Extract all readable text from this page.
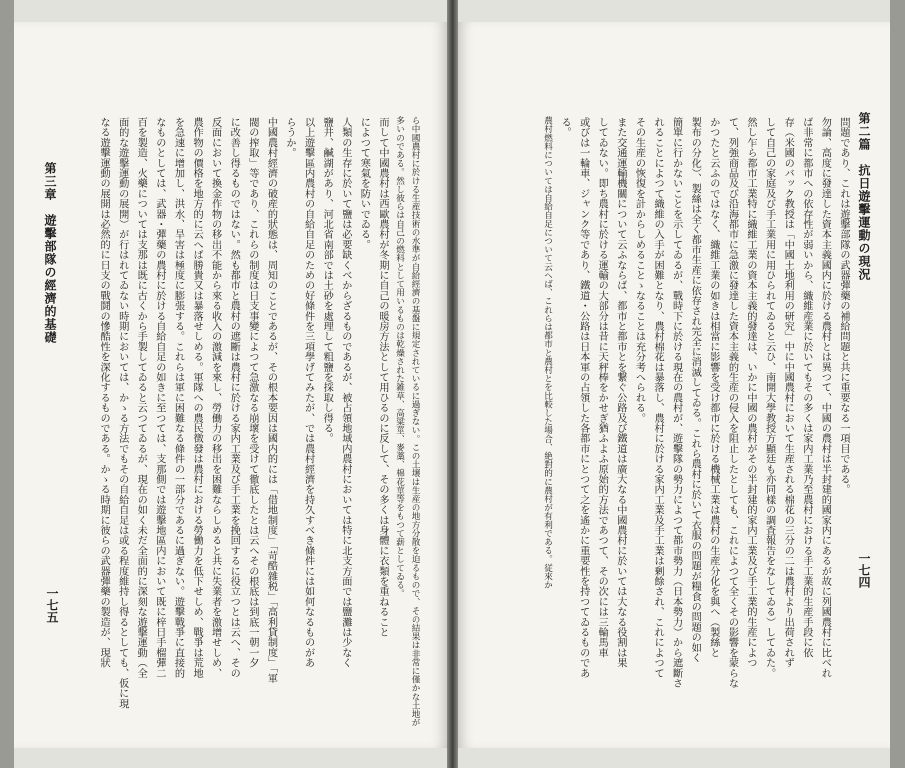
第三章　遊擊部隊の經濟的基礎
一七五	ら中國農村に於ける生産技術の水準が自給經濟の基盤に規定されているに過ぎない。この土壌は生産の地方分散を迫るもので、その結果は非常に僅かな土地が

多いのである。然し彼らは自己の燃料として用いるものは乾燥された雑草、高粱莖、麥藁、棉花莖等をもつて薪としてゐる。

而して中國農村は西歐農村が冬期に自己の暖房方法として用ひるのに反して、その多くは身體に衣類を重ねること

によつて寒氣を防いでゐる。

人類の生存に於いて鹽は必要缺くべからざるものであるが、被占領地域内農村においては特に北支方面では鹽灘は少なく

鹽井、鹹湖があり、河北省南部では土砂を處理して粗鹽を採取し得る。

以上遊擊區内農村の自給自足のための好條件を三項學げてみたが、では農村經濟を持久すべき條件には如何なるものがあ

らうか。

中國農村經濟の破産的狀態は、周知のことであるが、その根本要因は國内的には「借地制度」「苛酷雜税」「高利貸制度」「軍

閥の搾取」等であり、これらの制度は日支事變によつて急激なる崩壞を受けて徹底したとは云へその根底は到底一朝一夕

に改善し得るものではない。然も都市と農村の遮斷は農村に於ける家内工業及び手工業を挽回するに役立つとは云へ、その

反面において換金作物の移出不能から來る收入の激減を來し、勞働力の移出を困難ならしめると共に失業者を激增せしめ、

農作物の價格を地方的に云へば勝貴又は暴落せしめる。軍隊への農民徴發は農村における勞働力を低下せしめ、戰爭は荒地

を急速に增加し、洪水、旱害は極度に膨張する。これらは軍に困難なる條件の一部分であるに過ぎない。遊擊戰爭に直接的

なものとしては、武器・彈藥の農村に於ける自給自足の如きに至つては、支那側では遊擊地區内において既に梓日手榴彈二

百を製造、火藥については支那は既に古くから手製してゐると云つてゐるが、現在の如く未だ全面的に深刻な遊擊運動（全

面的な遊擊運動の展開）が行はれてゐない時期においては、かゝる方法でもその自給自足は或る程度維持し得るとしても、仮に現

なる遊擊運動の展開は必然的に日支の戰鬪の慘酷性を深化するものである。かゝる時期に彼らの武器彈藥の製造が、現狀	第二篇　抗日遊擊運動の現況
一七四

問題であり、これは遊擊部隊の武器彈藥の補給問題と共に重要なる一項目である。

勿論、高度に發達した資本主義國内に於ける農村とは異つて、中國の農村は半封建的國家内にあるが故に列國農村に比べれ

ば非常に都市への依存性が弱いから、織維産業に於いてもその多くは家内工業乃至農村における手工業的生産手段に依

存（米國のバック教授は「中國土地利用の研究」中に中國農村において生産される棉花の三分の二は農村より出荷されず

して自己の家庭及び手工業用に用ひられてゐると云ひ、南開大學教授方顯廷も亦同樣の調査報告をなしてゐる）してゐた。

然し乍ら都市工業特に織維工業の資本主義的發達は、いかに中國の農村がその半封建的家内工業及び手工業的生産によつ

て、列強商品及び沿海都市に急激に發達した資本主義的生産の侵入を阻止したとしても、これによつて全くその影響を蒙らな

かつたと云ふのではなく、織維工業の如きは相當に影響を受け都市に於ける機械工業は農村の生産分化を與へ（製絲と

製布の分化）、製絲は全く都市生産に依存され完全に消滅してゐる。これら農村に於いて衣服の問題が糧食の問題の如く

簡單に行かないことを示してゐるが、戰時下に於ける現在の農村が、遊擊隊の勢力によつて都市勢力（日本勢力）から遮斷さ

れることによつて織維の入手が困難となり、農村棉花は暴落し、農村に於ける家内工業及手工業は剰餘され、これによつて

その生産の恢復を計からしめることゝなることは充分考へられる。

また交通運輸機關について云ふならば、都市と都市とを繋ぐ公路及び鐵道は廣大なる中國農村に於いては大なる役割は果

してゐない。即ち農村に於ける運輸の大部分は昔に天秤棒をかせぎ猶ふよふ原始的方法であつて、その次には三輪馬車

或びは一輪車、ジャンク等であり、鐵道・公路は日本軍の占領した各都市にとつて之を遙かに重要性を持つてゐるものであ

る。

農村燃料については自給自足について云へば、これらは都市と農村とを比較した場合、絶對的に農村が有利である。従來か
